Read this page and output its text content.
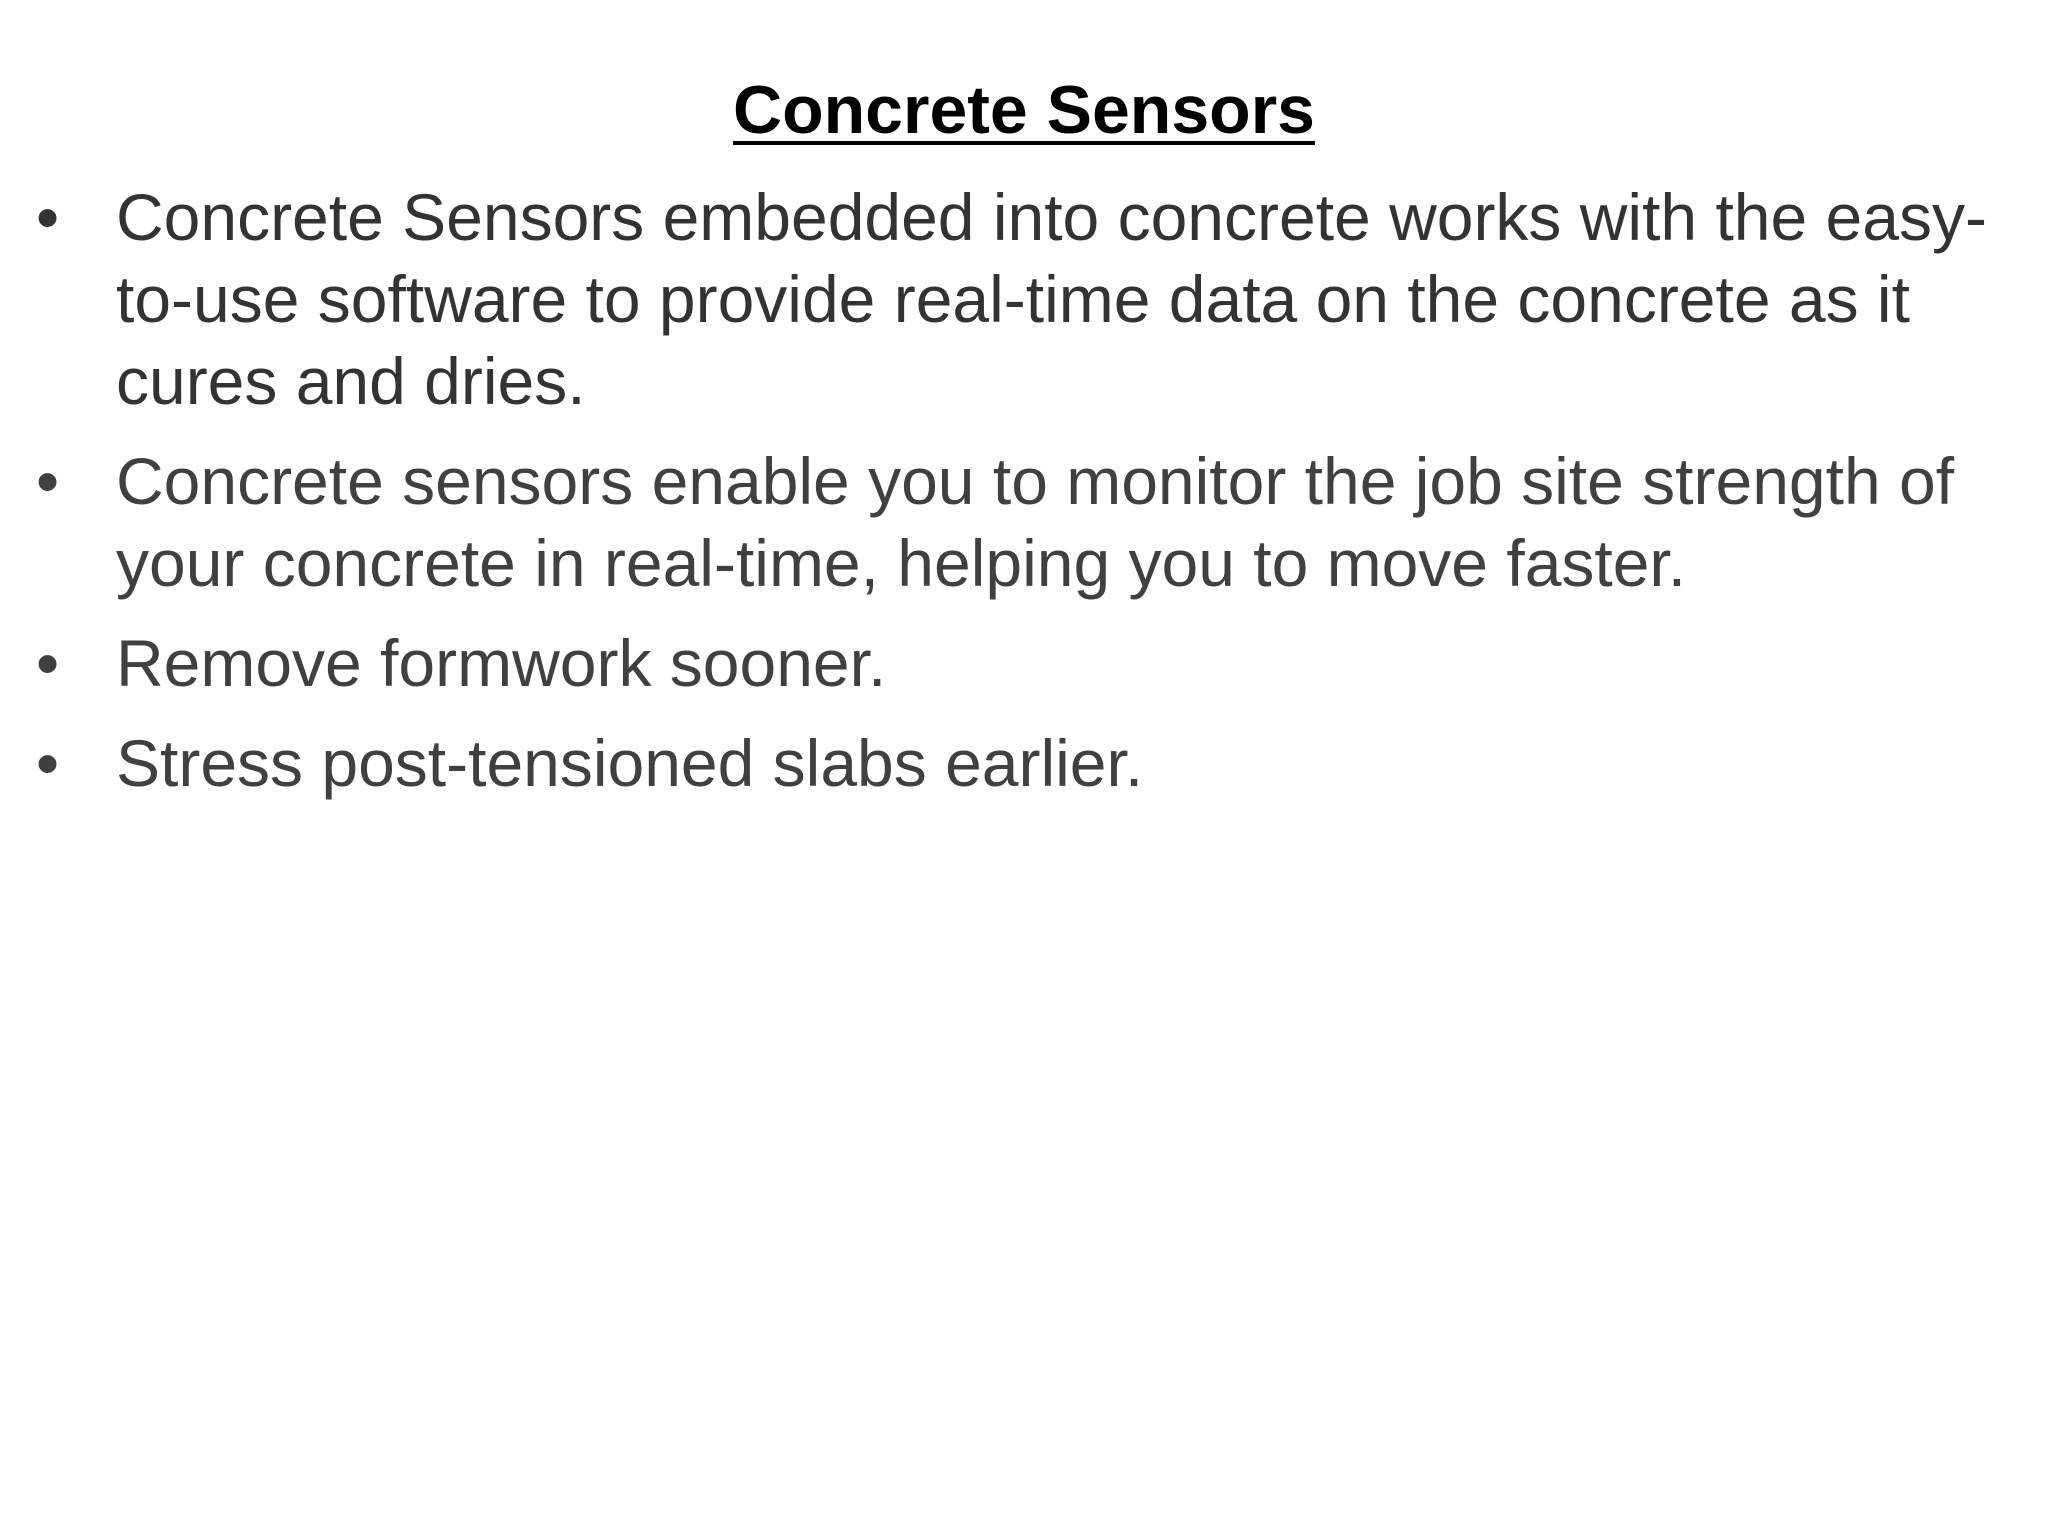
Concrete Sensors
• Concrete Sensors embedded into concrete works with the easy-to-use software to provide real-time data on the concrete as it cures and dries.
• Concrete sensors enable you to monitor the job site strength of your concrete in real-time, helping you to move faster.
• Remove formwork sooner.
• Stress post-tensioned slabs earlier.
